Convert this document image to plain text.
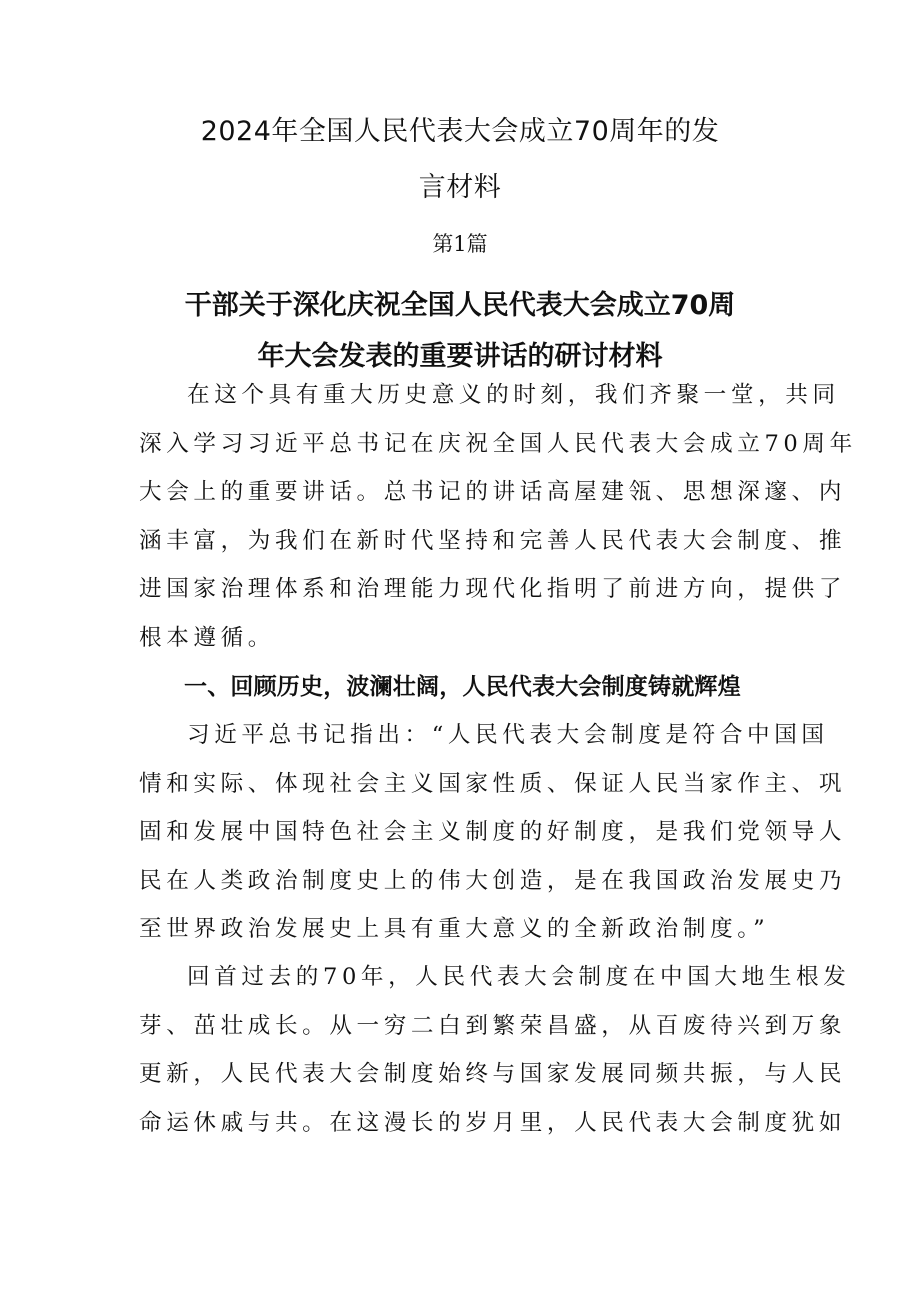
2024年全国人民代表大会成立70周年的发
言材料

第1篇

干部关于深化庆祝全国人民代表大会成立70周
年大会发表的重要讲话的研讨材料
在这个具有重大历史意义的时刻，我们齐聚一堂，共同
深入学习习近平总书记在庆祝全国人民代表大会成立70周年
大会上的重要讲话。总书记的讲话高屋建瓴、思想深邃、内
涵丰富，为我们在新时代坚持和完善人民代表大会制度、推
进国家治理体系和治理能力现代化指明了前进方向，提供了
根本遵循。
一、回顾历史，波澜壮阔，人民代表大会制度铸就辉煌
习近平总书记指出：“人民代表大会制度是符合中国国
情和实际、体现社会主义国家性质、保证人民当家作主、巩
固和发展中国特色社会主义制度的好制度，是我们党领导人
民在人类政治制度史上的伟大创造，是在我国政治发展史乃
至世界政治发展史上具有重大意义的全新政治制度。”
回首过去的70年，人民代表大会制度在中国大地生根发
芽、茁壮成长。从一穷二白到繁荣昌盛，从百废待兴到万象
更新，人民代表大会制度始终与国家发展同频共振，与人民
命运休戚与共。在这漫长的岁月里，人民代表大会制度犹如
